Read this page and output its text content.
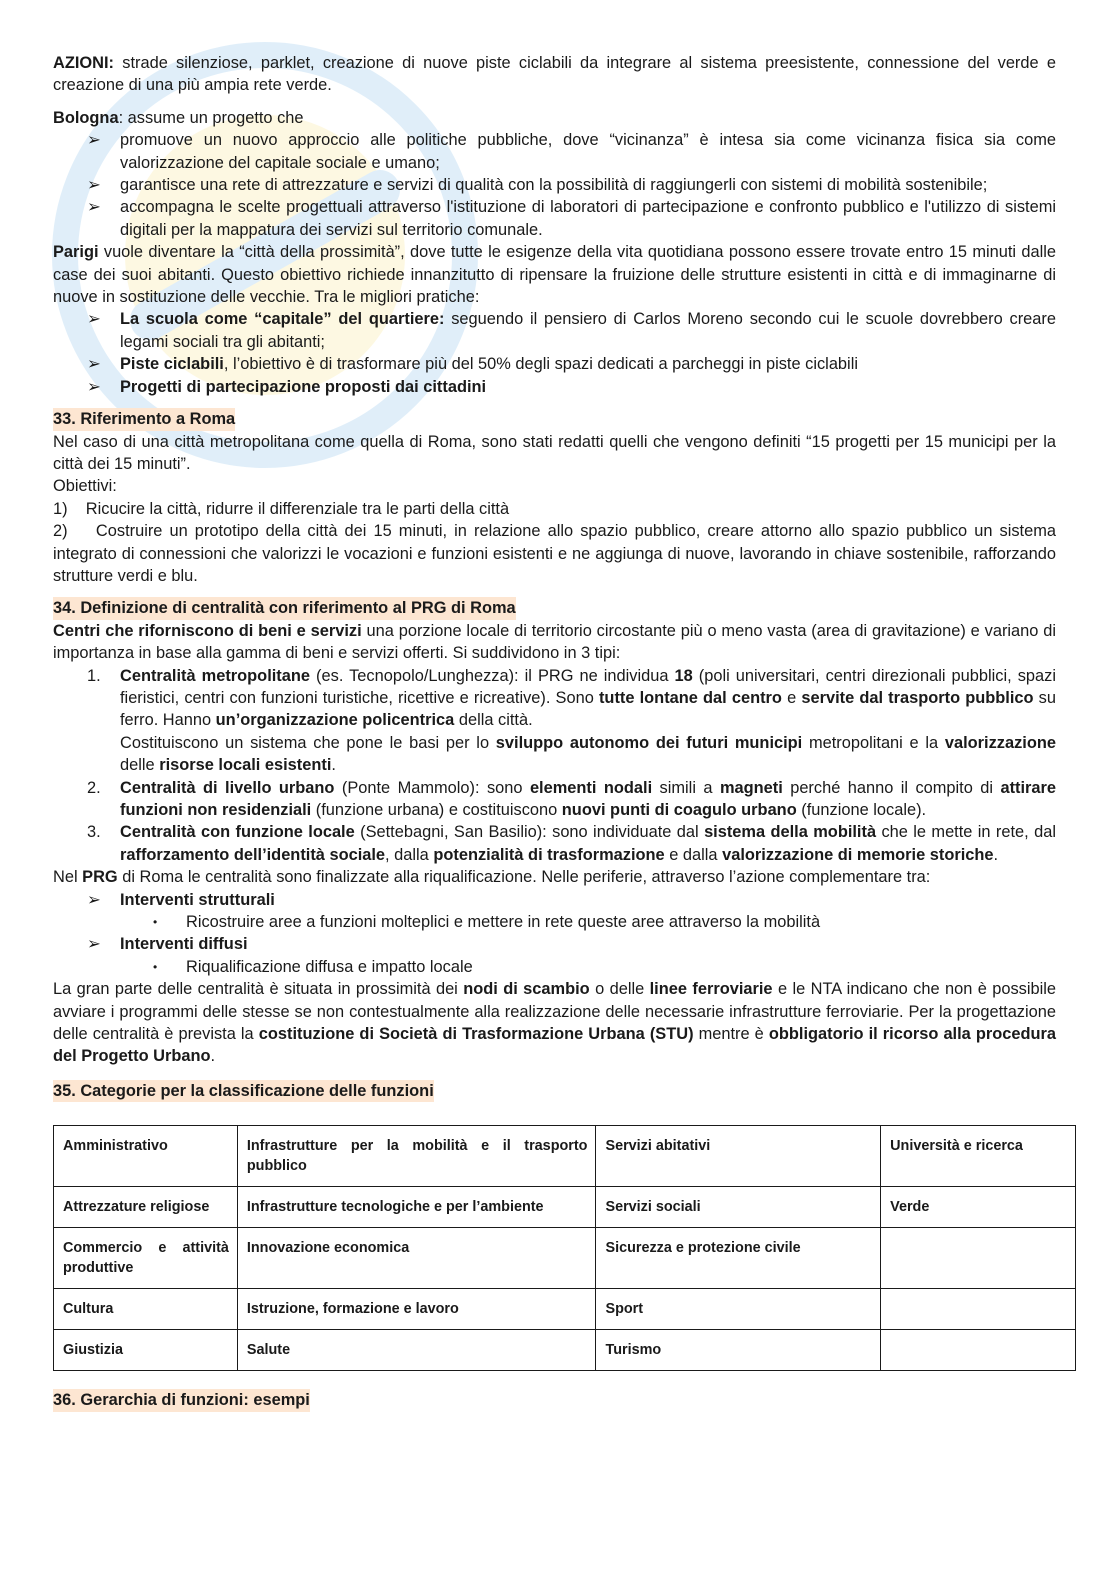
AZIONI: strade silenziose, parklet, creazione di nuove piste ciclabili da integrare al sistema preesistente, connessione del verde e creazione di una più ampia rete verde.

Bologna: assume un progetto che

➢ promuove un nuovo approccio alle politiche pubbliche, dove “vicinanza” è intesa sia come vicinanza fisica sia come valorizzazione del capitale sociale e umano;
➢ garantisce una rete di attrezzature e servizi di qualità con la possibilità di raggiungerli con sistemi di mobilità sostenibile;
➢ accompagna le scelte progettuali attraverso l'istituzione di laboratori di partecipazione e confronto pubblico e l'utilizzo di sistemi digitali per la mappatura dei servizi sul territorio comunale.

Parigi vuole diventare la “città della prossimità”, dove tutte le esigenze della vita quotidiana possono essere trovate entro 15 minuti dalle case dei suoi abitanti. Questo obiettivo richiede innanzitutto di ripensare la fruizione delle strutture esistenti in città e di immaginarne di nuove in sostituzione delle vecchie. Tra le migliori pratiche:

➢ La scuola come “capitale” del quartiere: seguendo il pensiero di Carlos Moreno secondo cui le scuole dovrebbero creare legami sociali tra gli abitanti;
➢ Piste ciclabili, l’obiettivo è di trasformare più del 50% degli spazi dedicati a parcheggi in piste ciclabili
➢ Progetti di partecipazione proposti dai cittadini
33. Riferimento a Roma

Nel caso di una città metropolitana come quella di Roma, sono stati redatti quelli che vengono definiti “15 progetti per 15 municipi per la città dei 15 minuti”.

Obiettivi:

1) Ricucire la città, ridurre il differenziale tra le parti della città

2) Costruire un prototipo della città dei 15 minuti, in relazione allo spazio pubblico, creare attorno allo spazio pubblico un sistema integrato di connessioni che valorizzi le vocazioni e funzioni esistenti e ne aggiunga di nuove, lavorando in chiave sostenibile, rafforzando strutture verdi e blu.

34. Definizione di centralità con riferimento al PRG di Roma

Centri che riforniscono di beni e servizi una porzione locale di territorio circostante più o meno vasta (area di gravitazione) e variano di importanza in base alla gamma di beni e servizi offerti. Si suddividono in 3 tipi:

1. Centralità metropolitane (es. Tecnopolo/Lunghezza): il PRG ne individua 18 (poli universitari, centri direzionali pubblici, spazi fieristici, centri con funzioni turistiche, ricettive e ricreative). Sono tutte lontane dal centro e servite dal trasporto pubblico su ferro. Hanno un’organizzazione policentrica della città.
Costituiscono un sistema che pone le basi per lo sviluppo autonomo dei futuri municipi metropolitani e la valorizzazione delle risorse locali esistenti.
2. Centralità di livello urbano (Ponte Mammolo): sono elementi nodali simili a magneti perché hanno il compito di attirare funzioni non residenziali (funzione urbana) e costituiscono nuovi punti di coagulo urbano (funzione locale).
3. Centralità con funzione locale (Settebagni, San Basilio): sono individuate dal sistema della mobilità che le mette in rete, dal rafforzamento dell’identità sociale, dalla potenzialità di trasformazione e dalla valorizzazione di memorie storiche.

Nel PRG di Roma le centralità sono finalizzate alla riqualificazione. Nelle periferie, attraverso l’azione complementare tra:

➢ Interventi strutturali
• Ricostruire aree a funzioni molteplici e mettere in rete queste aree attraverso la mobilità
➢ Interventi diffusi
• Riqualificazione diffusa e impatto locale

La gran parte delle centralità è situata in prossimità dei nodi di scambio o delle linee ferroviarie e le NTA indicano che non è possibile avviare i programmi delle stesse se non contestualmente alla realizzazione delle necessarie infrastrutture ferroviarie. Per la progettazione delle centralità è prevista la costituzione di Società di Trasformazione Urbana (STU) mentre è obbligatorio il ricorso alla procedura del Progetto Urbano.

35. Categorie per la classificazione delle funzioni
Amministrativo	Infrastrutture per la mobilità e il trasporto pubblico	Servizi abitativi	Università e ricerca
Attrezzature religiose	Infrastrutture tecnologiche e per l’ambiente	Servizi sociali	Verde
Commercio e attività produttive	Innovazione economica	Sicurezza e protezione civile	
Cultura	Istruzione, formazione e lavoro	Sport	
Giustizia	Salute	Turismo	
36. Gerarchia di funzioni: esempi
